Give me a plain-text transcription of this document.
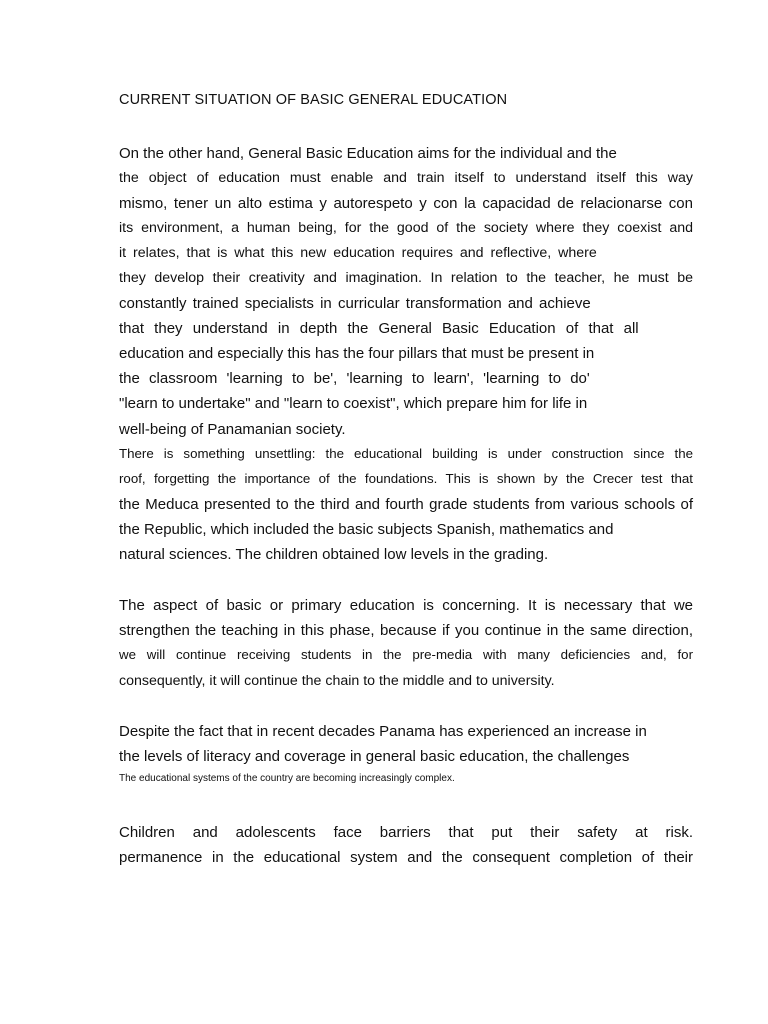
CURRENT SITUATION OF BASIC GENERAL EDUCATION
On the other hand, General Basic Education aims for the individual and the
the object of education must enable and train itself to understand itself this way
mismo, tener un alto estima y autorespeto y con la capacidad de relacionarse con
its environment, a human being, for the good of the society where they coexist and
it relates, that is what this new education requires and reflective, where
they develop their creativity and imagination. In relation to the teacher, he must be
constantly trained specialists in curricular transformation and achieve
that they understand in depth the General Basic Education of that all
education and especially this has the four pillars that must be present in
the classroom 'learning to be', 'learning to learn', 'learning to do'
"learn to undertake" and "learn to coexist", which prepare him for life in
well-being of Panamanian society.
There is something unsettling: the educational building is under construction since the
roof, forgetting the importance of the foundations. This is shown by the Crecer test that
the Meduca presented to the third and fourth grade students from various schools of
the Republic, which included the basic subjects Spanish, mathematics and
natural sciences. The children obtained low levels in the grading.
The aspect of basic or primary education is concerning. It is necessary that we
strengthen the teaching in this phase, because if you continue in the same direction,
we will continue receiving students in the pre-media with many deficiencies and, for
consequently, it will continue the chain to the middle and to university.
Despite the fact that in recent decades Panama has experienced an increase in
the levels of literacy and coverage in general basic education, the challenges
The educational systems of the country are becoming increasingly complex.
Children and adolescents face barriers that put their safety at risk.
permanence in the educational system and the consequent completion of their
